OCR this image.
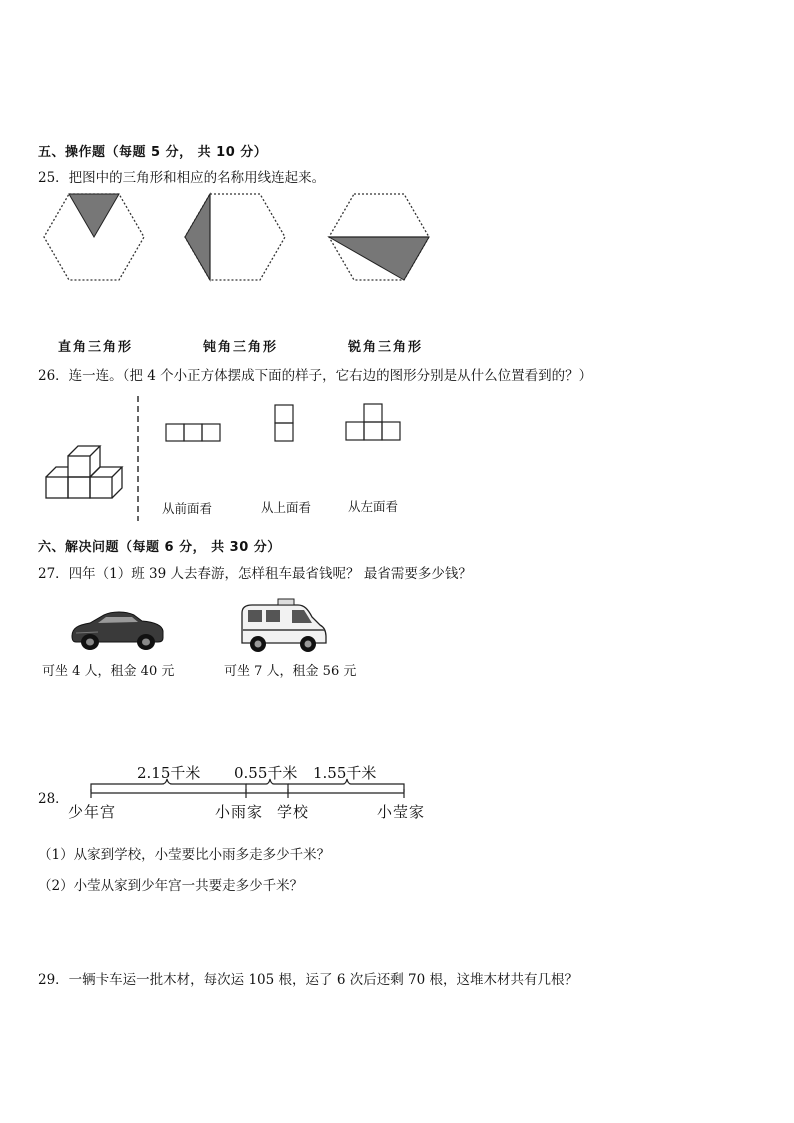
五、操作题（每题 5 分， 共 10 分）
25．把图中的三角形和相应的名称用线连起来。
直角三角形	钝角三角形	锐角三角形
26．连一连。（把 4 个小正方体摆成下面的样子，它右边的图形分别是从什么位置看到的？）
从前面看	从上面看	从左面看
六、解决问题（每题 6 分， 共 30 分）
27．四年（1）班 39 人去春游，怎样租车最省钱呢？ 最省需要多少钱？
可坐 4 人，租金 40 元	可坐 7 人，租金 56 元
28．
2.15千米 0.55千米 1.55千米
少年宫	小雨家 学校	小莹家
（1）从家到学校，小莹要比小雨多走多少千米？
（2）小莹从家到少年宫一共要走多少千米？
29．一辆卡车运一批木材，每次运 105 根，运了 6 次后还剩 70 根，这堆木材共有几根？
